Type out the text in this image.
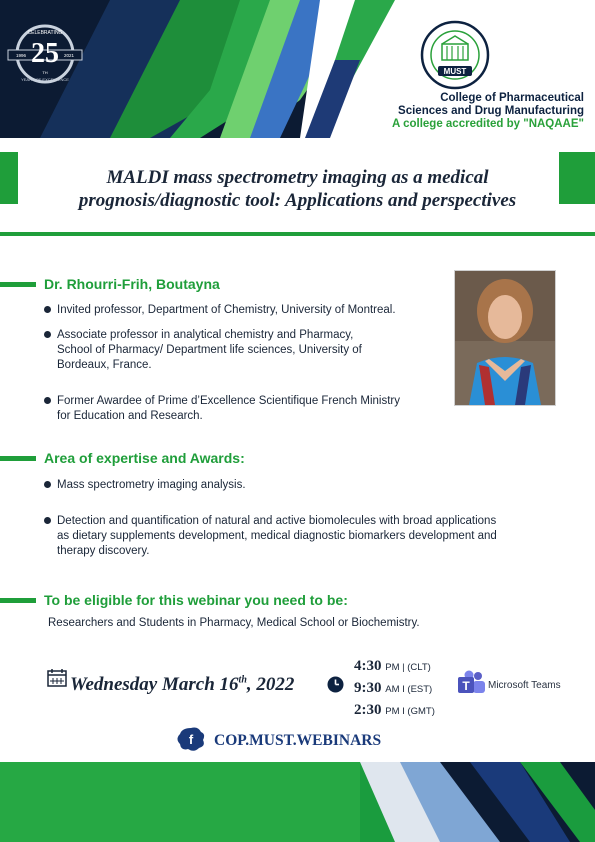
25
CELEBRATING
1996	2021
TH
YEARS OF EXCELLENCE
MUST
College of Pharmaceutical
Sciences and Drug Manufacturing
A college accredited by "NAQAAE"
MALDI mass spectrometry imaging as a medical
prognosis/diagnostic tool: Applications and perspectives
Dr. Rhourri-Frih, Boutayna
Invited professor, Department of Chemistry, University of Montreal.
Associate professor in analytical chemistry and Pharmacy,
School of Pharmacy/ Department life sciences, University of
Bordeaux, France.
Former Awardee of Prime d’Excellence Scientifique French Ministry
for Education and Research.
Area of expertise and Awards:
Mass spectrometry imaging analysis.
Detection and quantification of natural and active biomolecules with broad applications
as dietary supplements development, medical diagnostic biomarkers development and
therapy discovery.
To be eligible for this webinar you need to be:
Researchers and Students in Pharmacy, Medical School or Biochemistry.
Wednesday March 16th, 2022
4:30 PM | (CLT)
9:30 AM I (EST)
2:30 PM I (GMT)
T Microsoft Teams
f COP.MUST.WEBINARS
